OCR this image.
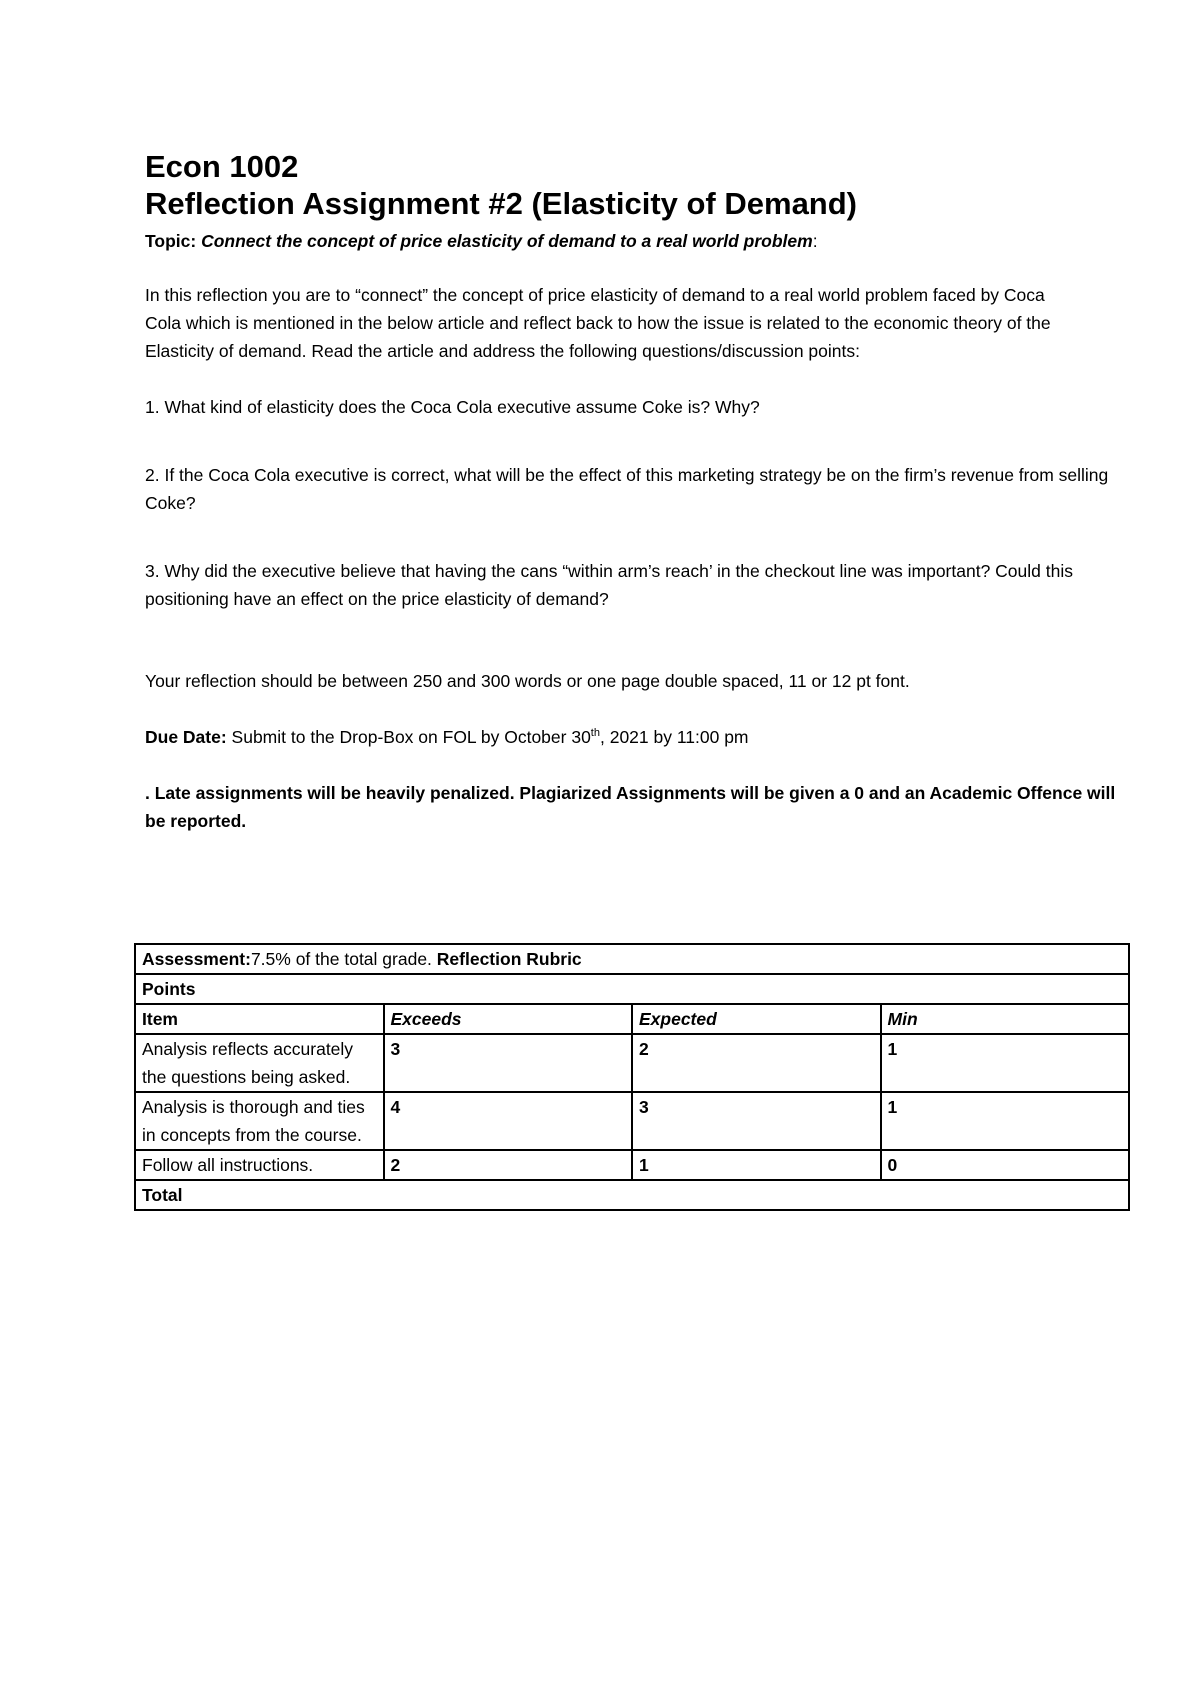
Econ 1002
Reflection Assignment #2 (Elasticity of Demand)

Topic: Connect the concept of price elasticity of demand to a real world problem:

In this reflection you are to “connect” the concept of price elasticity of demand to a real world problem faced by Coca Cola which is mentioned in the below article and reflect back to how the issue is related to the economic theory of the Elasticity of demand. Read the article and address the following questions/discussion points:

1. What kind of elasticity does the Coca Cola executive assume Coke is? Why?

2. If the Coca Cola executive is correct, what will be the effect of this marketing strategy be on the firm’s revenue from selling Coke?

3. Why did the executive believe that having the cans “within arm’s reach’ in the checkout line was important? Could this positioning have an effect on the price elasticity of demand?

Your reflection should be between 250 and 300 words or one page double spaced, 11 or 12 pt font.

Due Date: Submit to the Drop-Box on FOL by October 30th, 2021 by 11:00 pm

. Late assignments will be heavily penalized. Plagiarized Assignments will be given a 0 and an Academic Offence will be reported.

Assessment:7.5% of the total grade. Reflection Rubric			
Points			
Item	Exceeds	Expected	Min
Analysis reflects accurately the questions being asked.	3	2	1
Analysis is thorough and ties in concepts from the course.	4	3	1
Follow all instructions.	2	1	0
Total			
